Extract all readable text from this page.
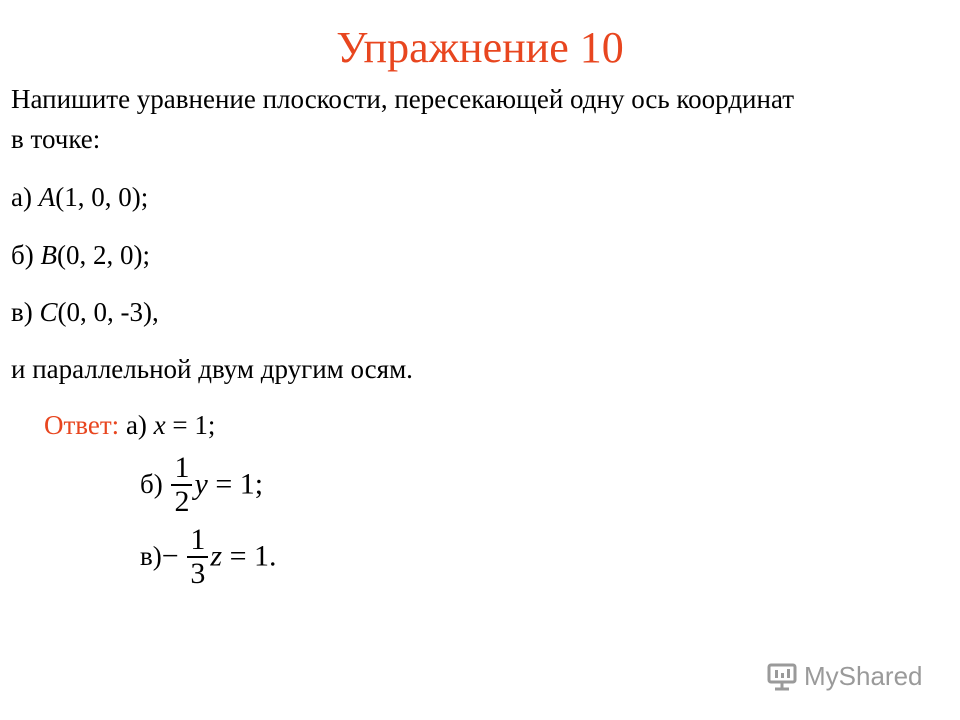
Упражнение 10
Напишите уравнение плоскости, пересекающей одну ось координат
в точке:
а) A(1, 0, 0);
б) B(0, 2, 0);
в) C(0, 0, -3),
и параллельной двум другим осям.
Ответ: а) x = 1;
$б) \frac{1}{2}$ y = 1;
$в)- \frac{1}{3}$ z = 1.
MyShared
